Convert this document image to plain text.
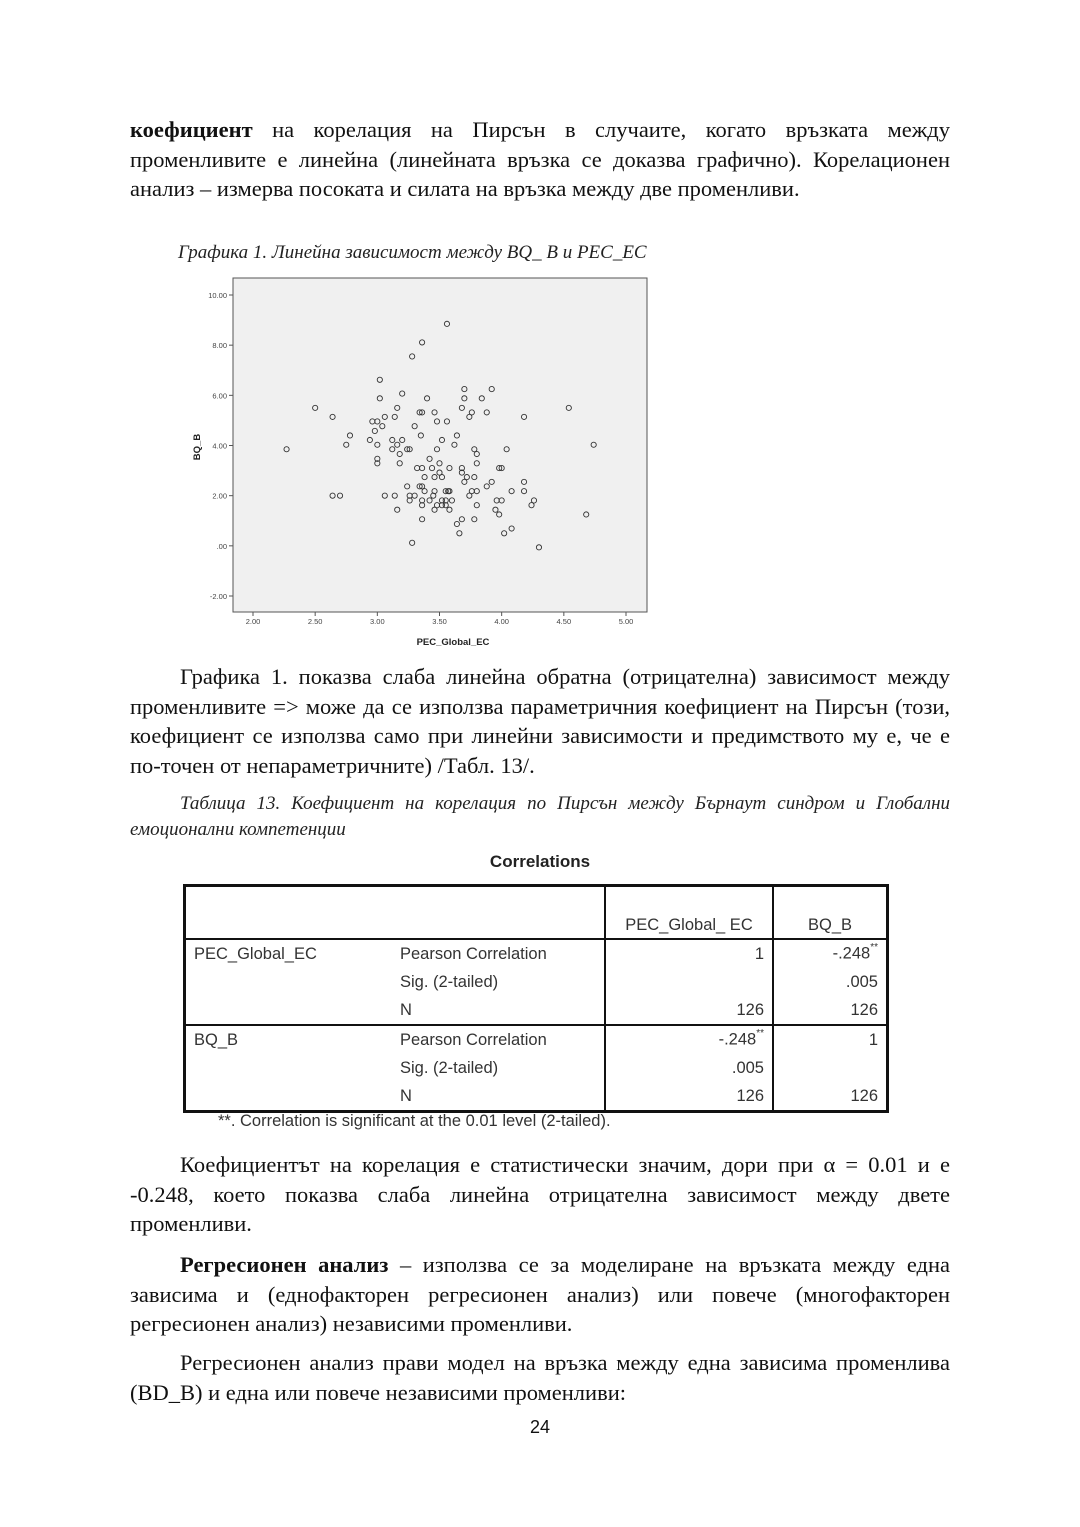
коефициент на корелация на Пирсън в случаите, когато връзката между променливите е линейна (линейната връзка се доказва графично). Корелационен анализ – измерва посоката и силата на връзка между две променливи.
Графика 1. Линейна зависимост между BQ_ B и PEC_EC
10.00
8.00
6.00
4.00
2.00
.00
-2.00
2.00	2.50	3.00	3.50	4.00	4.50	5.00
PEC_Global_EC
BQ_B
Графика 1. показва слаба линейна обратна (отрицателна) зависимост между променливите => може да се използва параметричния коефициент на Пирсън (този, коефициент се използва само при линейни зависимости и предимството му е, че е по-точен от непараметричните) /Табл. 13/.
Таблица 13. Коефициент на корелация по Пирсън между Бърнаут синдром и Глобални емоционални компетенции
Correlations
		PEC_Global_ EC	BQ_B
PEC_Global_EC	Pearson Correlation	1	-.248**
	Sig. (2-tailed)		.005
	N	126	126
BQ_B	Pearson Correlation	-.248**	1
	Sig. (2-tailed)	.005	
	N	126	126
**. Correlation is significant at the 0.01 level (2-tailed).
Коефициентът на корелация е статистически значим, дори при α = 0.01 и е -0.248, което показва слаба линейна отрицателна зависимост между двете променливи.
Регресионен анализ – използва се за моделиране на връзката между една зависима и (еднофакторен регресионен анализ) или повече (многофакторен регресионен анализ) независими променливи.
Регресионен анализ прави модел на връзка между една зависима променлива (BD_B) и една или повече независими променливи:
24
